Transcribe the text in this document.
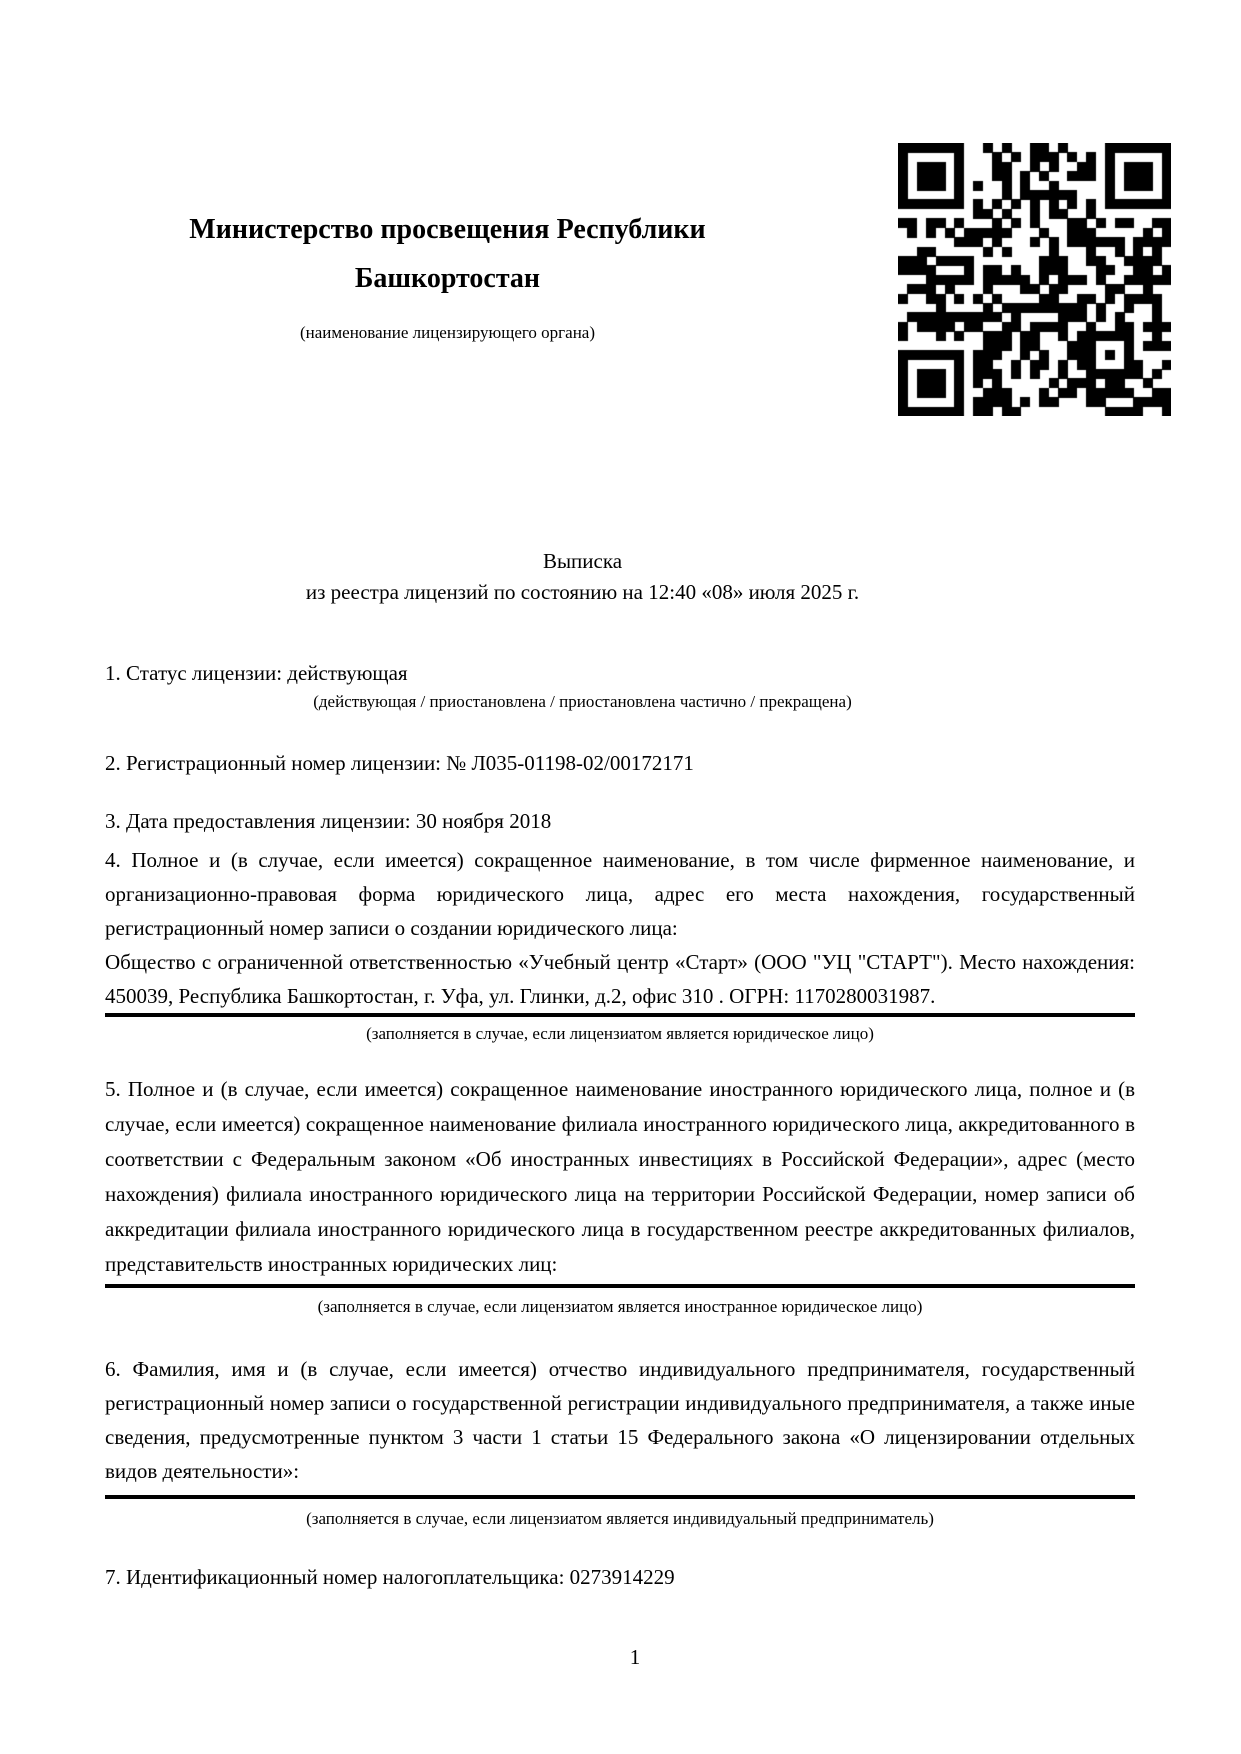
Министерство просвещения Республики Башкортостан
(наименование лицензирующего органа)
Выписка
из реестра лицензий по состоянию на 12:40 «08» июля 2025 г.
1. Статус лицензии: действующая
(действующая / приостановлена / приостановлена частично / прекращена)
2. Регистрационный номер лицензии: № Л035-01198-02/00172171
3. Дата предоставления лицензии: 30 ноября 2018
4. Полное и (в случае, если имеется) сокращенное наименование, в том числе фирменное наименование, и организационно-правовая форма юридического лица, адрес его места нахождения, государственный регистрационный номер записи о создании юридического лица:
Общество с ограниченной ответственностью «Учебный центр «Старт» (ООО "УЦ "СТАРТ"). Место нахождения: 450039, Республика Башкортостан, г. Уфа, ул. Глинки, д.2, офис 310 . ОГРН: 1170280031987.
(заполняется в случае, если лицензиатом является юридическое лицо)
5. Полное и (в случае, если имеется) сокращенное наименование иностранного юридического лица, полное и (в случае, если имеется) сокращенное наименование филиала иностранного юридического лица, аккредитованного в соответствии с Федеральным законом «Об иностранных инвестициях в Российской Федерации», адрес (место нахождения) филиала иностранного юридического лица на территории Российской Федерации, номер записи об аккредитации филиала иностранного юридического лица в государственном реестре аккредитованных филиалов, представительств иностранных юридических лиц:
(заполняется в случае, если лицензиатом является иностранное юридическое лицо)
6. Фамилия, имя и (в случае, если имеется) отчество индивидуального предпринимателя, государственный регистрационный номер записи о государственной регистрации индивидуального предпринимателя, а также иные сведения, предусмотренные пунктом 3 части 1 статьи 15 Федерального закона «О лицензировании отдельных видов деятельности»:
(заполняется в случае, если лицензиатом является индивидуальный предприниматель)
7. Идентификационный номер налогоплательщика: 0273914229
1
